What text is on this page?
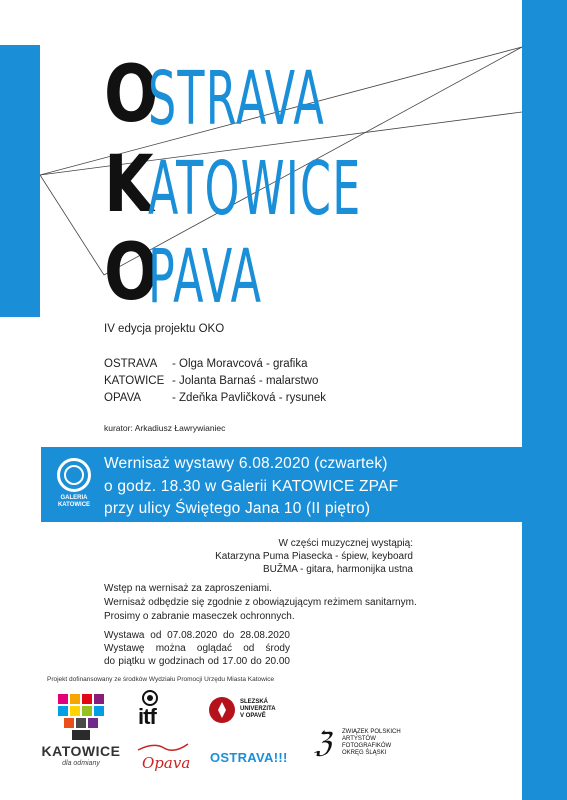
O
STRAVA
K
ATOWICE
O
PAVA
IV edycja projektu OKO
OSTRAVA - Olga Moravcová - grafika
KATOWICE - Jolanta Barnaś - malarstwo
OPAVA	- Zdeňka Pavličková - rysunek
kurator: Arkadiusz Ławrywianiec
GALERIA KATOWICE
Wernisaż wystawy 6.08.2020 (czwartek)
o godz. 18.30 w Galerii KATOWICE ZPAF
przy ulicy Świętego Jana 10 (II piętro)
W części muzycznej wystąpią:
Katarzyna Puma Piasecka - śpiew, keyboard
BUŽMA - gitara, harmonijka ustna
Wstęp na wernisaż za zaproszeniami.
Wernisaż odbędzie się zgodnie z obowiązującym reżimem sanitarnym.
Prosimy o zabranie maseczek ochronnych.
Wystawa od 07.08.2020 do 28.08.2020
Wystawę można oglądać od środy
do piątku w godzinach od 17.00 do 20.00
Projekt dofinansowany ze środków Wydziału Promocji Urzędu Miasta Katowice
KATOWICE
dla odmiany
itf
SLEZSKÁ
UNIVERZITA
V OPAVĚ
Opava OSTRAVA!!! ℨ ZWIĄZEK POLSKICH
ARTYSTÓW
FOTOGRAFIKÓW
OKRĘG ŚLĄSKI
